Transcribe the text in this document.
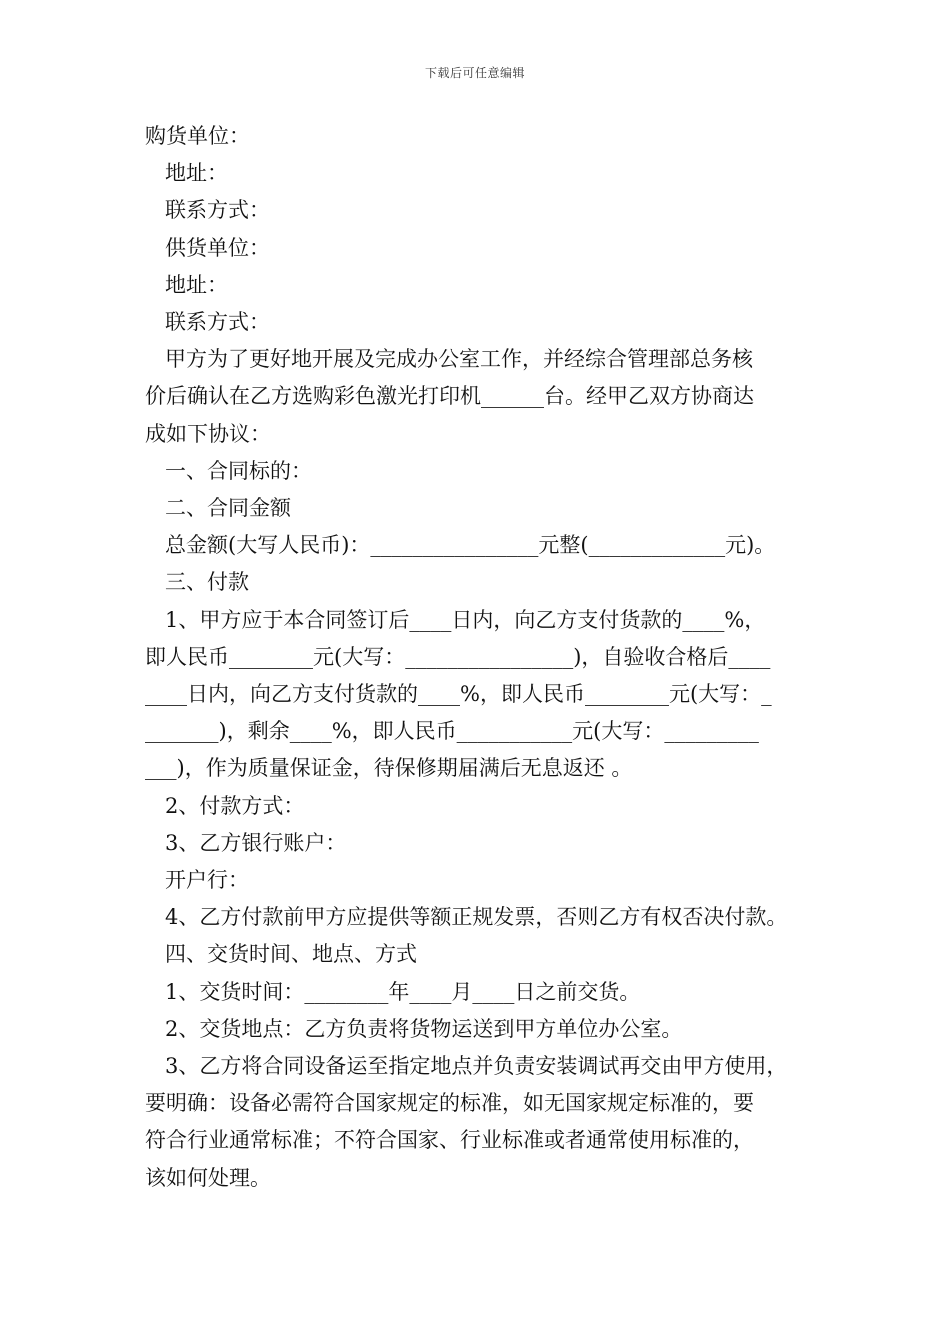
下载后可任意编辑

购货单位：

地址：

联系方式：

供货单位：

地址：

联系方式：

甲方为了更好地开展及完成办公室工作，并经综合管理部总务核

价后确认在乙方选购彩色激光打印机______台。经甲乙双方协商达

成如下协议：

一、合同标的：

二、合同金额

总金额(大写人民币)：________________元整(_____________元)。

三、付款

1、甲方应于本合同签订后____日内，向乙方支付货款的____%，

即人民币________元(大写：________________)，自验收合格后____

____日内，向乙方支付货款的____%，即人民币________元(大写：_

_______)，剩余____%，即人民币___________元(大写：_________

___)，作为质量保证金，待保修期届满后无息返还 。

2、付款方式：

3、乙方银行账户：

开户行：

4、乙方付款前甲方应提供等额正规发票，否则乙方有权否决付款。

四、交货时间、地点、方式

1、交货时间：________年____月____日之前交货。

2、交货地点：乙方负责将货物运送到甲方单位办公室。

3、乙方将合同设备运至指定地点并负责安装调试再交由甲方使用，

要明确：设备必需符合国家规定的标准，如无国家规定标准的，要

符合行业通常标准；不符合国家、行业标准或者通常使用标准的，

该如何处理。
